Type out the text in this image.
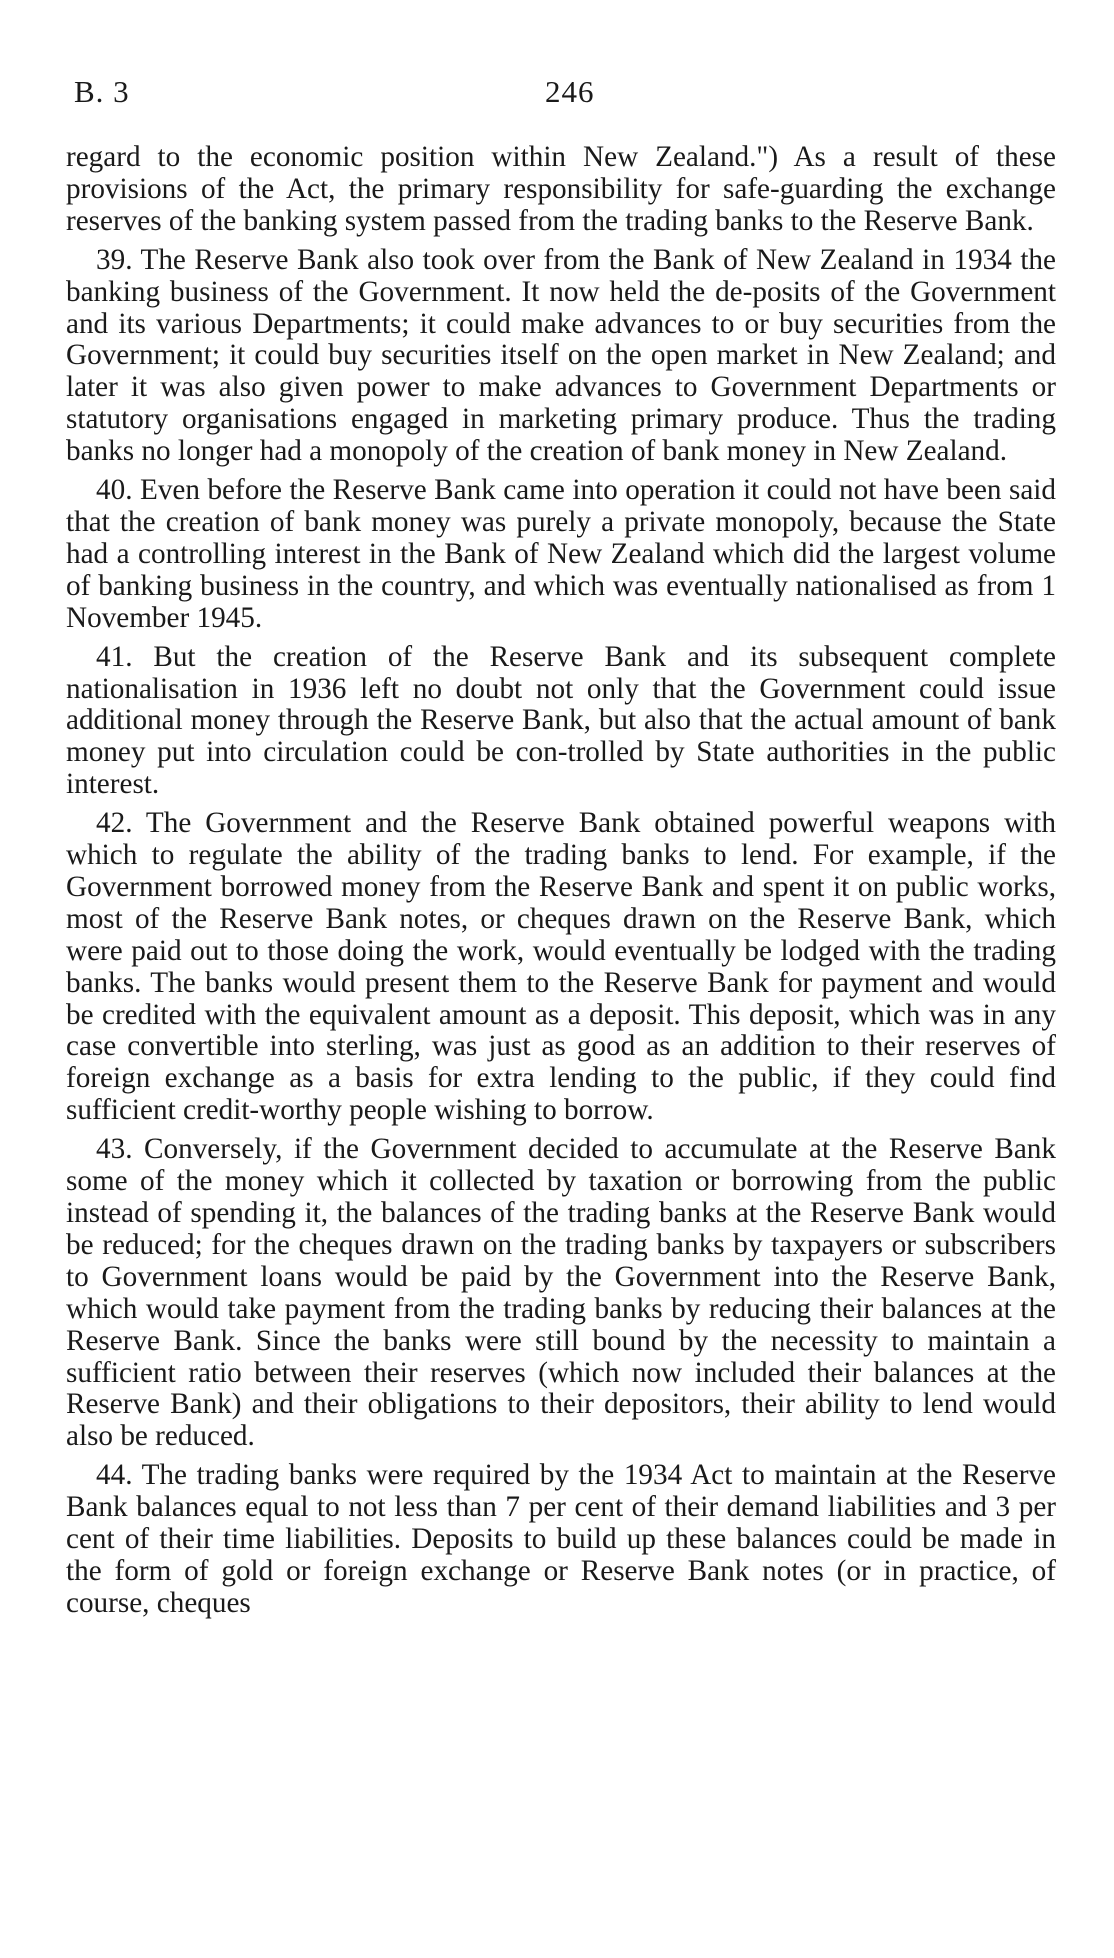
B. 3	246

regard to the economic position within New Zealand.") As a result of these provisions of the Act, the primary responsibility for safe-guarding the exchange reserves of the banking system passed from the trading banks to the Reserve Bank.

39. The Reserve Bank also took over from the Bank of New Zealand in 1934 the banking business of the Government. It now held the de-posits of the Government and its various Departments; it could make advances to or buy securities from the Government; it could buy securities itself on the open market in New Zealand; and later it was also given power to make advances to Government Departments or statutory organisations engaged in marketing primary produce. Thus the trading banks no longer had a monopoly of the creation of bank money in New Zealand.

40. Even before the Reserve Bank came into operation it could not have been said that the creation of bank money was purely a private monopoly, because the State had a controlling interest in the Bank of New Zealand which did the largest volume of banking business in the country, and which was eventually nationalised as from 1 November 1945.

41. But the creation of the Reserve Bank and its subsequent complete nationalisation in 1936 left no doubt not only that the Government could issue additional money through the Reserve Bank, but also that the actual amount of bank money put into circulation could be con-trolled by State authorities in the public interest.

42. The Government and the Reserve Bank obtained powerful weapons with which to regulate the ability of the trading banks to lend. For example, if the Government borrowed money from the Reserve Bank and spent it on public works, most of the Reserve Bank notes, or cheques drawn on the Reserve Bank, which were paid out to those doing the work, would eventually be lodged with the trading banks. The banks would present them to the Reserve Bank for payment and would be credited with the equivalent amount as a deposit. This deposit, which was in any case convertible into sterling, was just as good as an addition to their reserves of foreign exchange as a basis for extra lending to the public, if they could find sufficient credit-worthy people wishing to borrow.

43. Conversely, if the Government decided to accumulate at the Reserve Bank some of the money which it collected by taxation or borrowing from the public instead of spending it, the balances of the trading banks at the Reserve Bank would be reduced; for the cheques drawn on the trading banks by taxpayers or subscribers to Government loans would be paid by the Government into the Reserve Bank, which would take payment from the trading banks by reducing their balances at the Reserve Bank. Since the banks were still bound by the necessity to maintain a sufficient ratio between their reserves (which now included their balances at the Reserve Bank) and their obligations to their depositors, their ability to lend would also be reduced.

44. The trading banks were required by the 1934 Act to maintain at the Reserve Bank balances equal to not less than 7 per cent of their demand liabilities and 3 per cent of their time liabilities. Deposits to build up these balances could be made in the form of gold or foreign exchange or Reserve Bank notes (or in practice, of course, cheques
